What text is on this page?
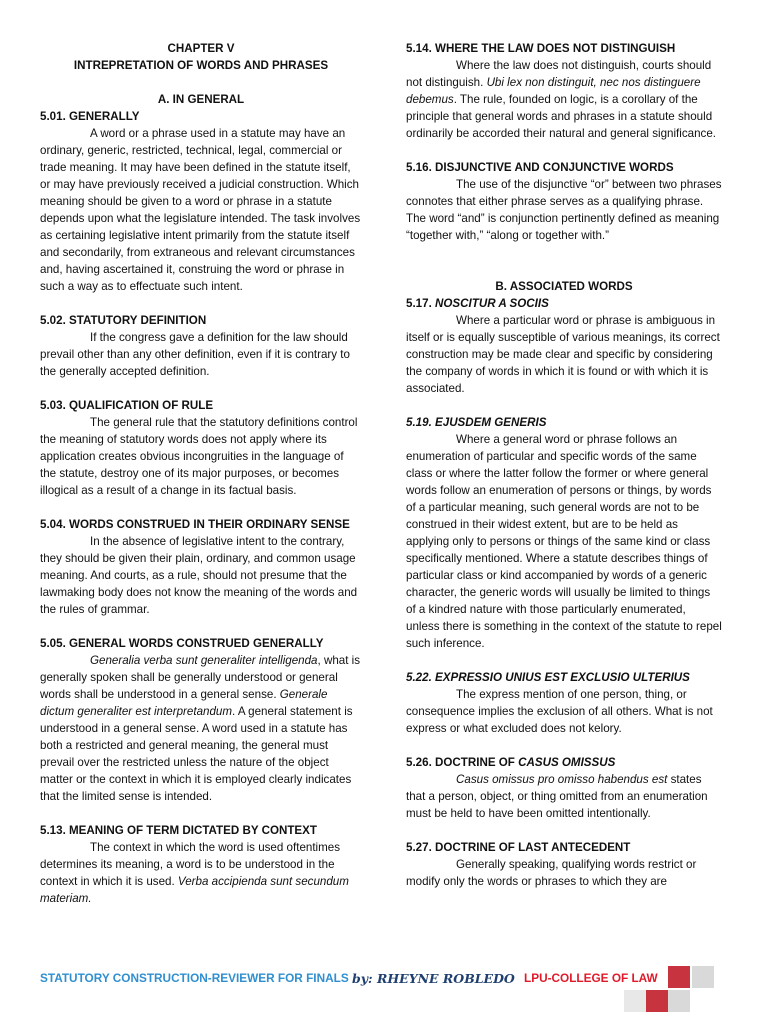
CHAPTER V
INTREPRETATION OF WORDS AND PHRASES
A. IN GENERAL
5.01. GENERALLY
A word or a phrase used in a statute may have an ordinary, generic, restricted, technical, legal, commercial or trade meaning. It may have been defined in the statute itself, or may have previously received a judicial construction. Which meaning should be given to a word or phrase in a statute depends upon what the legislature intended. The task involves as certaining legislative intent primarily from the statute itself and secondarily, from extraneous and relevant circumstances and, having ascertained it, construing the word or phrase in such a way as to effectuate such intent.
5.02. STATUTORY DEFINITION
If the congress gave a definition for the law should prevail other than any other definition, even if it is contrary to the generally accepted definition.
5.03. QUALIFICATION OF RULE
The general rule that the statutory definitions control the meaning of statutory words does not apply where its application creates obvious incongruities in the language of the statute, destroy one of its major purposes, or becomes illogical as a result of a change in its factual basis.
5.04. WORDS CONSTRUED IN THEIR ORDINARY SENSE
In the absence of legislative intent to the contrary, they should be given their plain, ordinary, and common usage meaning. And courts, as a rule, should not presume that the lawmaking body does not know the meaning of the words and the rules of grammar.
5.05. GENERAL WORDS CONSTRUED GENERALLY
Generalia verba sunt generaliter intelligenda, what is generally spoken shall be generally understood or general words shall be understood in a general sense. Generale dictum generaliter est interpretandum. A general statement is understood in a general sense. A word used in a statute has both a restricted and general meaning, the general must prevail over the restricted unless the nature of the object matter or the context in which it is employed clearly indicates that the limited sense is intended.
5.13. MEANING OF TERM DICTATED BY CONTEXT
The context in which the word is used oftentimes determines its meaning, a word is to be understood in the context in which it is used. Verba accipienda sunt secundum materiam.
5.14. WHERE THE LAW DOES NOT DISTINGUISH
Where the law does not distinguish, courts should not distinguish. Ubi lex non distinguit, nec nos distinguere debemus. The rule, founded on logic, is a corollary of the principle that general words and phrases in a statute should ordinarily be accorded their natural and general significance.
5.16. DISJUNCTIVE AND CONJUNCTIVE WORDS
The use of the disjunctive “or” between two phrases connotes that either phrase serves as a qualifying phrase. The word “and” is conjunction pertinently defined as meaning “together with,” “along or together with.”
B. ASSOCIATED WORDS
5.17. NOSCITUR A SOCIIS
Where a particular word or phrase is ambiguous in itself or is equally susceptible of various meanings, its correct construction may be made clear and specific by considering the company of words in which it is found or with which it is associated.
5.19. EJUSDEM GENERIS
Where a general word or phrase follows an enumeration of particular and specific words of the same class or where the latter follow the former or where general words follow an enumeration of persons or things, by words of a particular meaning, such general words are not to be construed in their widest extent, but are to be held as applying only to persons or things of the same kind or class specifically mentioned. Where a statute describes things of particular class or kind accompanied by words of a generic character, the generic words will usually be limited to things of a kindred nature with those particularly enumerated, unless there is something in the context of the statute to repel such inference.
5.22. EXPRESSIO UNIUS EST EXCLUSIO ULTERIUS
The express mention of one person, thing, or consequence implies the exclusion of all others. What is not express or what excluded does not kelory.
5.26. DOCTRINE OF CASUS OMISSUS
Casus omissus pro omisso habendus est states that a person, object, or thing omitted from an enumeration must be held to have been omitted intentionally.
5.27. DOCTRINE OF LAST ANTECEDENT
Generally speaking, qualifying words restrict or modify only the words or phrases to which they are
STATUTORY CONSTRUCTION-REVIEWER FOR FINALS by: RHEYNE ROBLEDO LPU-COLLEGE OF LAW
